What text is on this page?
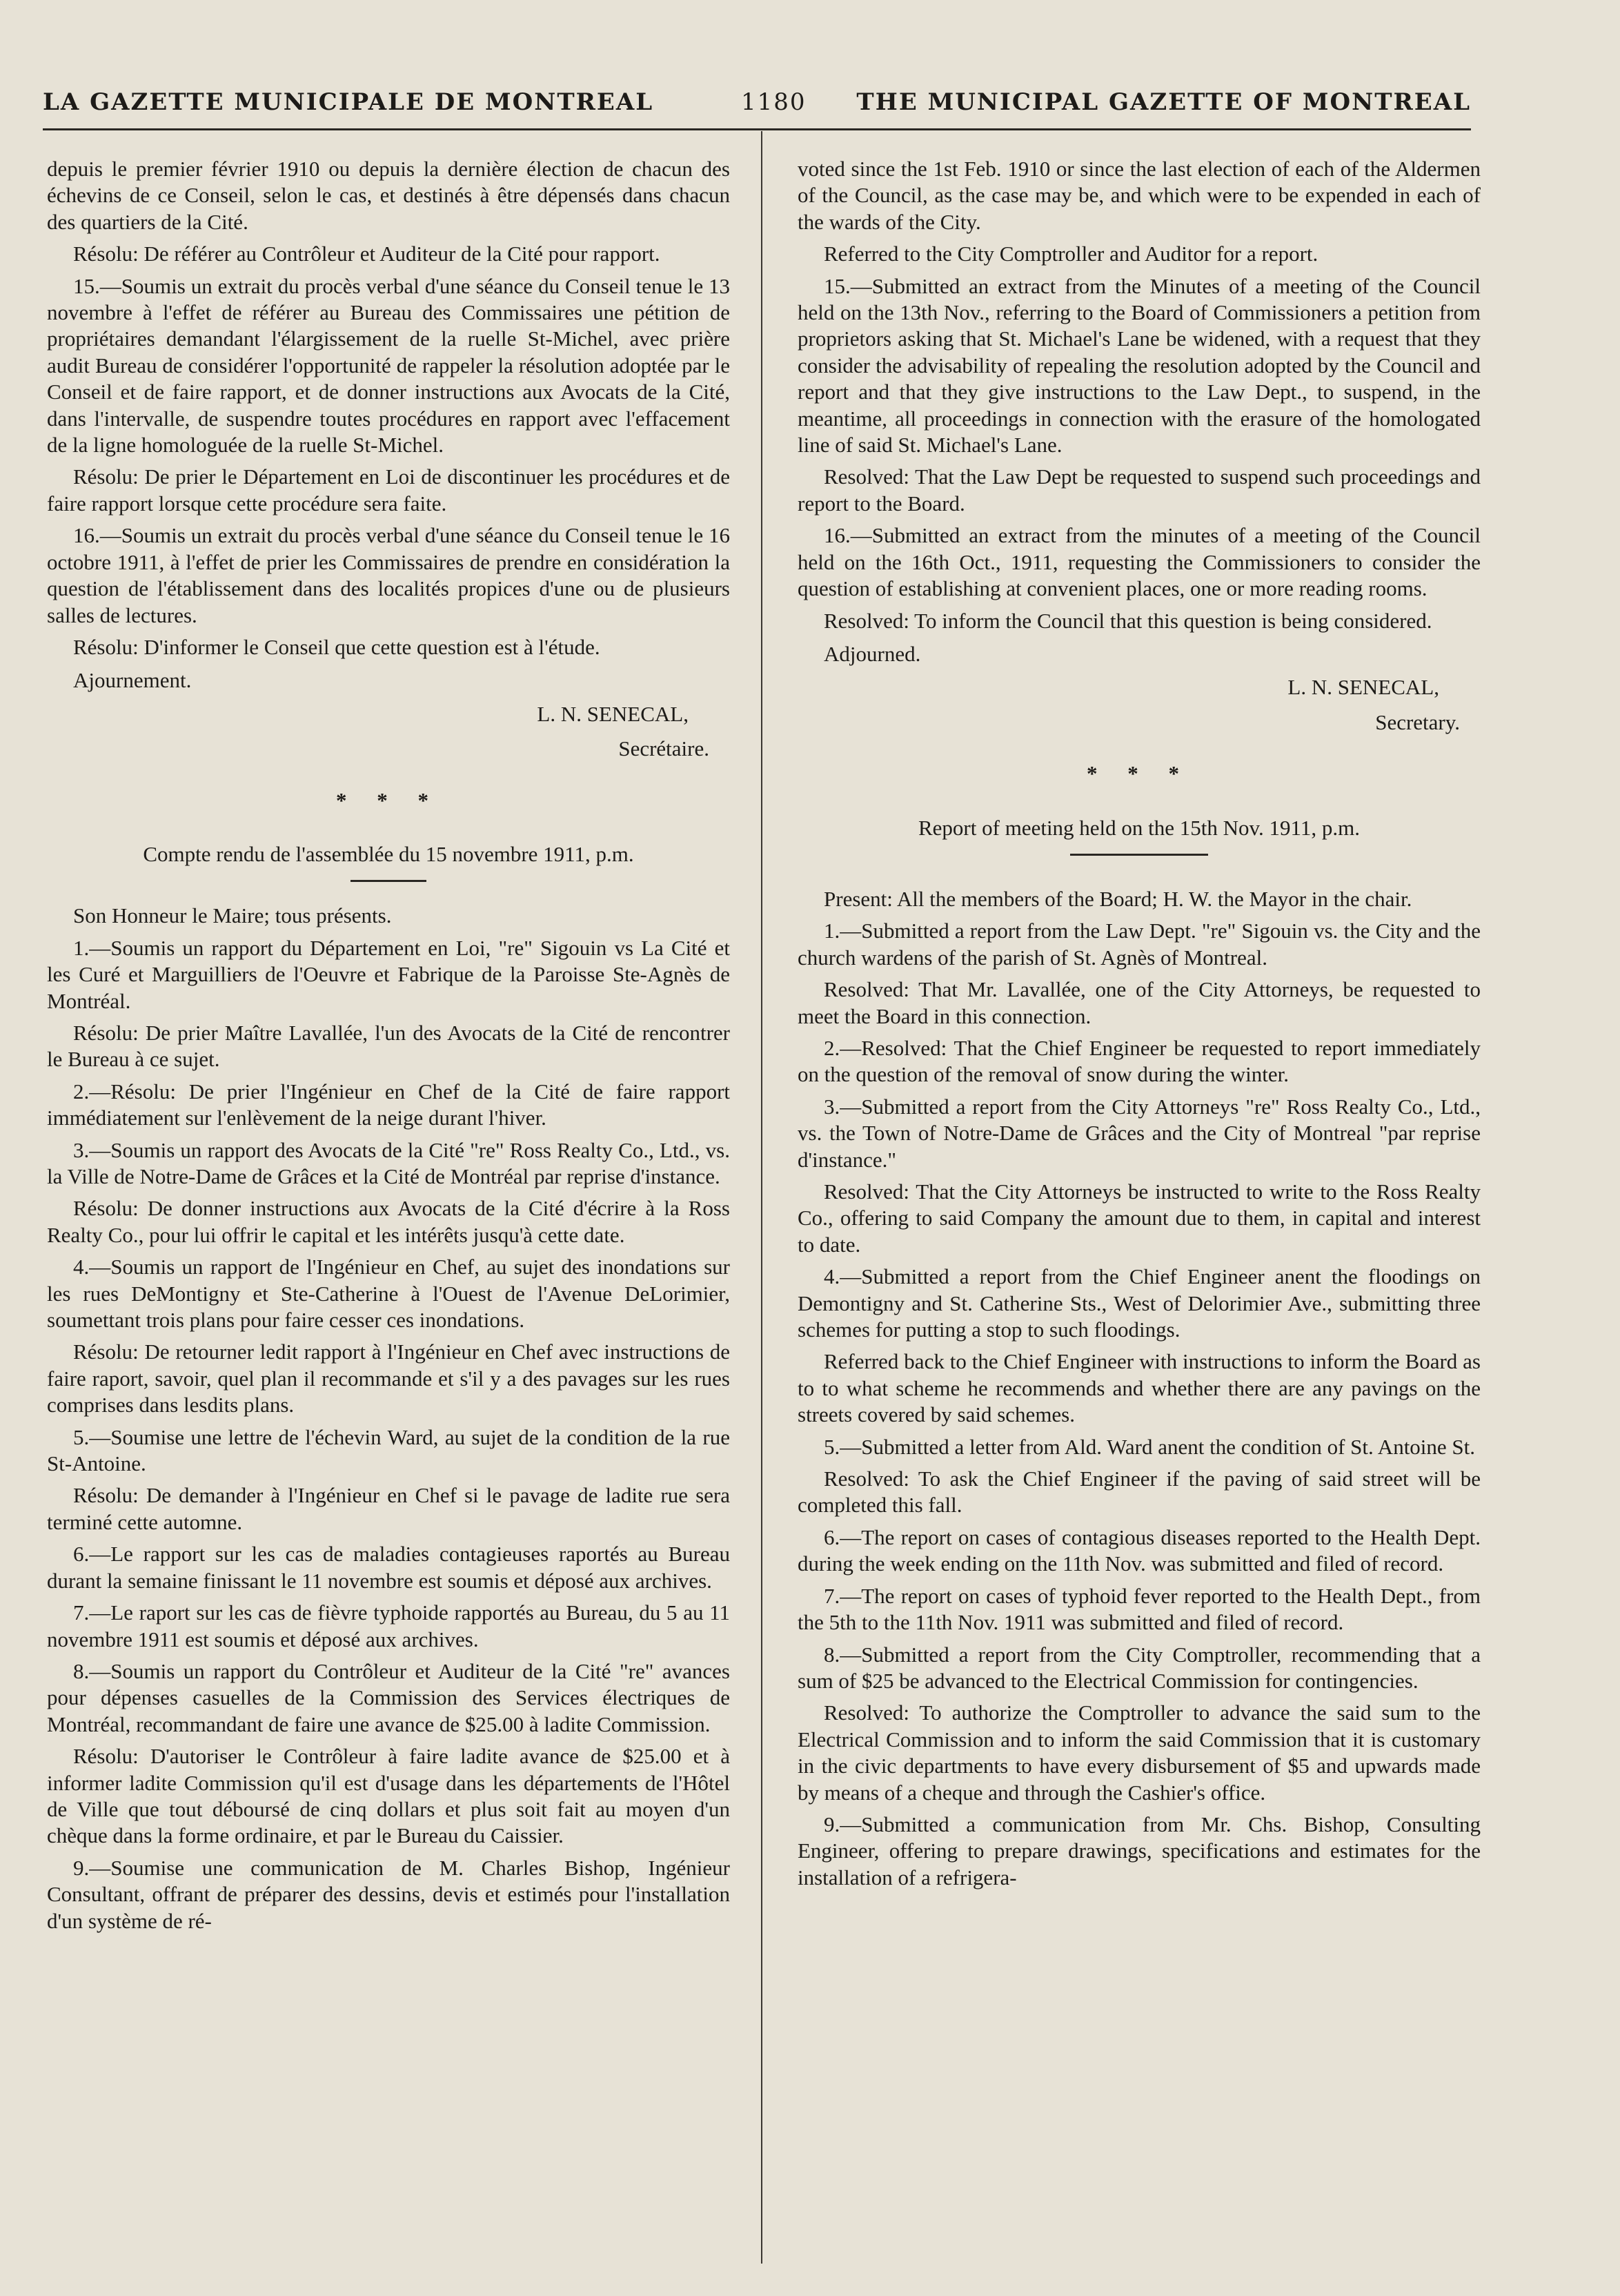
LA GAZETTE MUNICIPALE DE MONTREAL	1180 THE MUNICIPAL GAZETTE OF MONTREAL

depuis le premier février 1910 ou depuis la dernière élection de chacun des échevins de ce Conseil, selon le cas, et destinés à être dépensés dans chacun des quartiers de la Cité.

Résolu: De référer au Contrôleur et Auditeur de la Cité pour rapport.

15.—Soumis un extrait du procès verbal d'une séance du Conseil tenue le 13 novembre à l'effet de référer au Bureau des Commissaires une pétition de propriétaires demandant l'élargissement de la ruelle St-Michel, avec prière audit Bureau de considérer l'opportunité de rappeler la résolution adoptée par le Conseil et de faire rapport, et de donner instructions aux Avocats de la Cité, dans l'intervalle, de suspendre toutes procédures en rapport avec l'effacement de la ligne homologuée de la ruelle St-Michel.

Résolu: De prier le Département en Loi de discontinuer les procédures et de faire rapport lorsque cette procédure sera faite.

16.—Soumis un extrait du procès verbal d'une séance du Conseil tenue le 16 octobre 1911, à l'effet de prier les Commissaires de prendre en considération la question de l'établissement dans des localités propices d'une ou de plusieurs salles de lectures.

Résolu: D'informer le Conseil que cette question est à l'étude.

Ajournement.

L. N. SENECAL,

Secrétaire.

* * *

Compte rendu de l'assemblée du 15 novembre 1911, p.m.

Son Honneur le Maire; tous présents.

1.—Soumis un rapport du Département en Loi, "re" Sigouin vs La Cité et les Curé et Marguilliers de l'Oeuvre et Fabrique de la Paroisse Ste-Agnès de Montréal.

Résolu: De prier Maître Lavallée, l'un des Avocats de la Cité de rencontrer le Bureau à ce sujet.

2.—Résolu: De prier l'Ingénieur en Chef de la Cité de faire rapport immédiatement sur l'enlèvement de la neige durant l'hiver.

3.—Soumis un rapport des Avocats de la Cité "re" Ross Realty Co., Ltd., vs. la Ville de Notre-Dame de Grâces et la Cité de Montréal par reprise d'instance.

Résolu: De donner instructions aux Avocats de la Cité d'écrire à la Ross Realty Co., pour lui offrir le capital et les intérêts jusqu'à cette date.

4.—Soumis un rapport de l'Ingénieur en Chef, au sujet des inondations sur les rues DeMontigny et Ste-Catherine à l'Ouest de l'Avenue DeLorimier, soumettant trois plans pour faire cesser ces inondations.

Résolu: De retourner ledit rapport à l'Ingénieur en Chef avec instructions de faire raport, savoir, quel plan il recommande et s'il y a des pavages sur les rues comprises dans lesdits plans.

5.—Soumise une lettre de l'échevin Ward, au sujet de la condition de la rue St-Antoine.

Résolu: De demander à l'Ingénieur en Chef si le pavage de ladite rue sera terminé cette automne.

6.—Le rapport sur les cas de maladies contagieuses raportés au Bureau durant la semaine finissant le 11 novembre est soumis et déposé aux archives.

7.—Le raport sur les cas de fièvre typhoide rapportés au Bureau, du 5 au 11 novembre 1911 est soumis et déposé aux archives.

8.—Soumis un rapport du Contrôleur et Auditeur de la Cité "re" avances pour dépenses casuelles de la Commission des Services électriques de Montréal, recommandant de faire une avance de $25.00 à ladite Commission.

Résolu: D'autoriser le Contrôleur à faire ladite avance de $25.00 et à informer ladite Commission qu'il est d'usage dans les départements de l'Hôtel de Ville que tout déboursé de cinq dollars et plus soit fait au moyen d'un chèque dans la forme ordinaire, et par le Bureau du Caissier.

9.—Soumise une communication de M. Charles Bishop, Ingénieur Consultant, offrant de préparer des dessins, devis et estimés pour l'installation d'un système de ré-

voted since the 1st Feb. 1910 or since the last election of each of the Aldermen of the Council, as the case may be, and which were to be expended in each of the wards of the City.

Referred to the City Comptroller and Auditor for a report.

15.—Submitted an extract from the Minutes of a meeting of the Council held on the 13th Nov., referring to the Board of Commissioners a petition from proprietors asking that St. Michael's Lane be widened, with a request that they consider the advisability of repealing the resolution adopted by the Council and report and that they give instructions to the Law Dept., to suspend, in the meantime, all proceedings in connection with the erasure of the homologated line of said St. Michael's Lane.

Resolved: That the Law Dept be requested to suspend such proceedings and report to the Board.

16.—Submitted an extract from the minutes of a meeting of the Council held on the 16th Oct., 1911, requesting the Commissioners to consider the question of establishing at convenient places, one or more reading rooms.

Resolved: To inform the Council that this question is being considered.

Adjourned.

L. N. SENECAL,

Secretary.

* * *

Report of meeting held on the 15th Nov. 1911, p.m.

Present: All the members of the Board; H. W. the Mayor in the chair.

1.—Submitted a report from the Law Dept. "re" Sigouin vs. the City and the church wardens of the parish of St. Agnès of Montreal.

Resolved: That Mr. Lavallée, one of the City Attorneys, be requested to meet the Board in this connection.

2.—Resolved: That the Chief Engineer be requested to report immediately on the question of the removal of snow during the winter.

3.—Submitted a report from the City Attorneys "re" Ross Realty Co., Ltd., vs. the Town of Notre-Dame de Grâces and the City of Montreal "par reprise d'instance."

Resolved: That the City Attorneys be instructed to write to the Ross Realty Co., offering to said Company the amount due to them, in capital and interest to date.

4.—Submitted a report from the Chief Engineer anent the floodings on Demontigny and St. Catherine Sts., West of Delorimier Ave., submitting three schemes for putting a stop to such floodings.

Referred back to the Chief Engineer with instructions to inform the Board as to to what scheme he recommends and whether there are any pavings on the streets covered by said schemes.

5.—Submitted a letter from Ald. Ward anent the condition of St. Antoine St.

Resolved: To ask the Chief Engineer if the paving of said street will be completed this fall.

6.—The report on cases of contagious diseases reported to the Health Dept. during the week ending on the 11th Nov. was submitted and filed of record.

7.—The report on cases of typhoid fever reported to the Health Dept., from the 5th to the 11th Nov. 1911 was submitted and filed of record.

8.—Submitted a report from the City Comptroller, recommending that a sum of $25 be advanced to the Electrical Commission for contingencies.

Resolved: To authorize the Comptroller to advance the said sum to the Electrical Commission and to inform the said Commission that it is customary in the civic departments to have every disbursement of $5 and upwards made by means of a cheque and through the Cashier's office.

9.—Submitted a communication from Mr. Chs. Bishop, Consulting Engineer, offering to prepare drawings, specifications and estimates for the installation of a refrigera-
